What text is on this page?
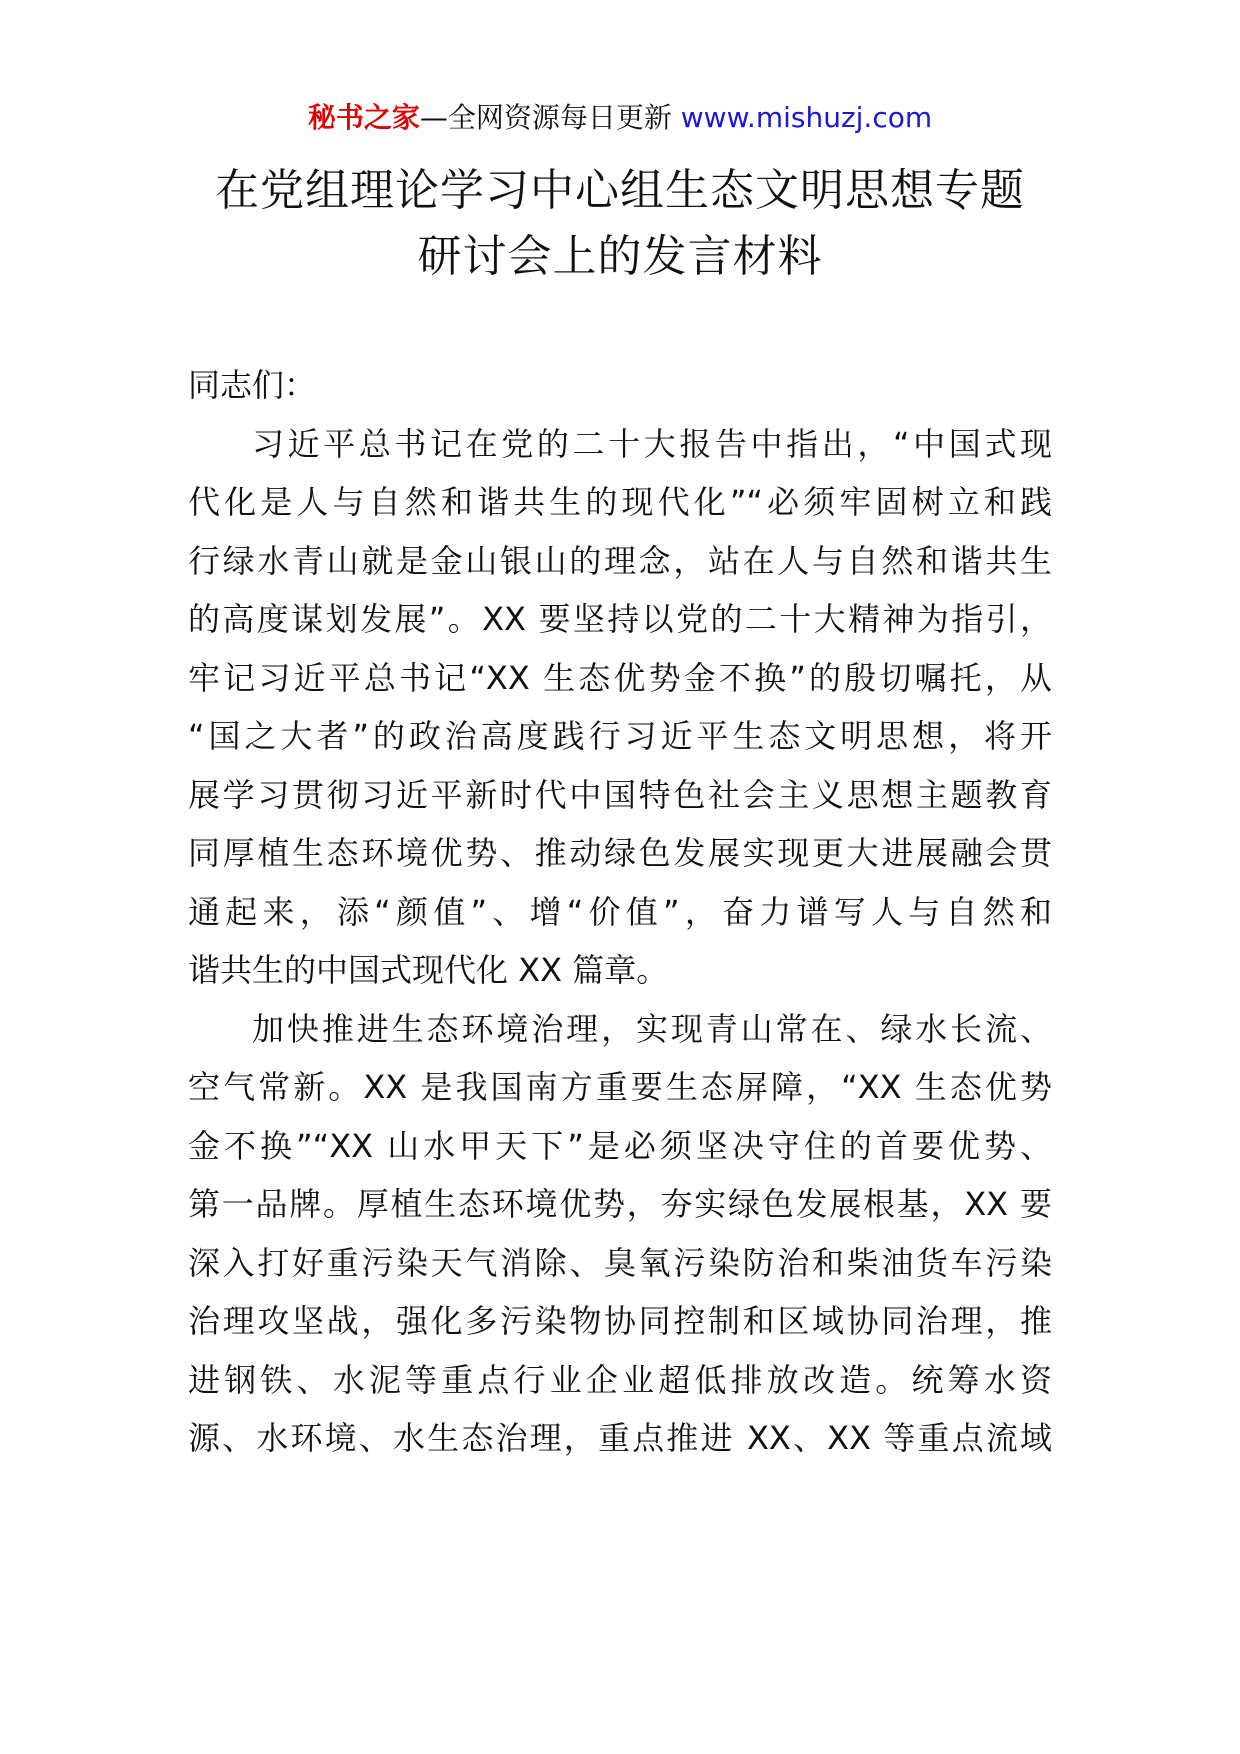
秘书之家—全网资源每日更新 www.mishuzj.com
在党组理论学习中心组生态文明思想专题
研讨会上的发言材料
同志们：
习近平总书记在党的二十大报告中指出，“中国式现
代化是人与自然和谐共生的现代化”“必须牢固树立和践
行绿水青山就是金山银山的理念，站在人与自然和谐共生
的高度谋划发展”。XX 要坚持以党的二十大精神为指引，
牢记习近平总书记“XX 生态优势金不换”的殷切嘱托，从
“国之大者”的政治高度践行习近平生态文明思想，将开
展学习贯彻习近平新时代中国特色社会主义思想主题教育
同厚植生态环境优势、推动绿色发展实现更大进展融会贯
通起来，添“颜值”、增“价值”，奋力谱写人与自然和
谐共生的中国式现代化 XX 篇章。
加快推进生态环境治理，实现青山常在、绿水长流、
空气常新。XX 是我国南方重要生态屏障，“XX 生态优势
金不换”“XX 山水甲天下”是必须坚决守住的首要优势、
第一品牌。厚植生态环境优势，夯实绿色发展根基，XX 要
深入打好重污染天气消除、臭氧污染防治和柴油货车污染
治理攻坚战，强化多污染物协同控制和区域协同治理，推
进钢铁、水泥等重点行业企业超低排放改造。统筹水资
源、水环境、水生态治理，重点推进 XX、XX 等重点流域
